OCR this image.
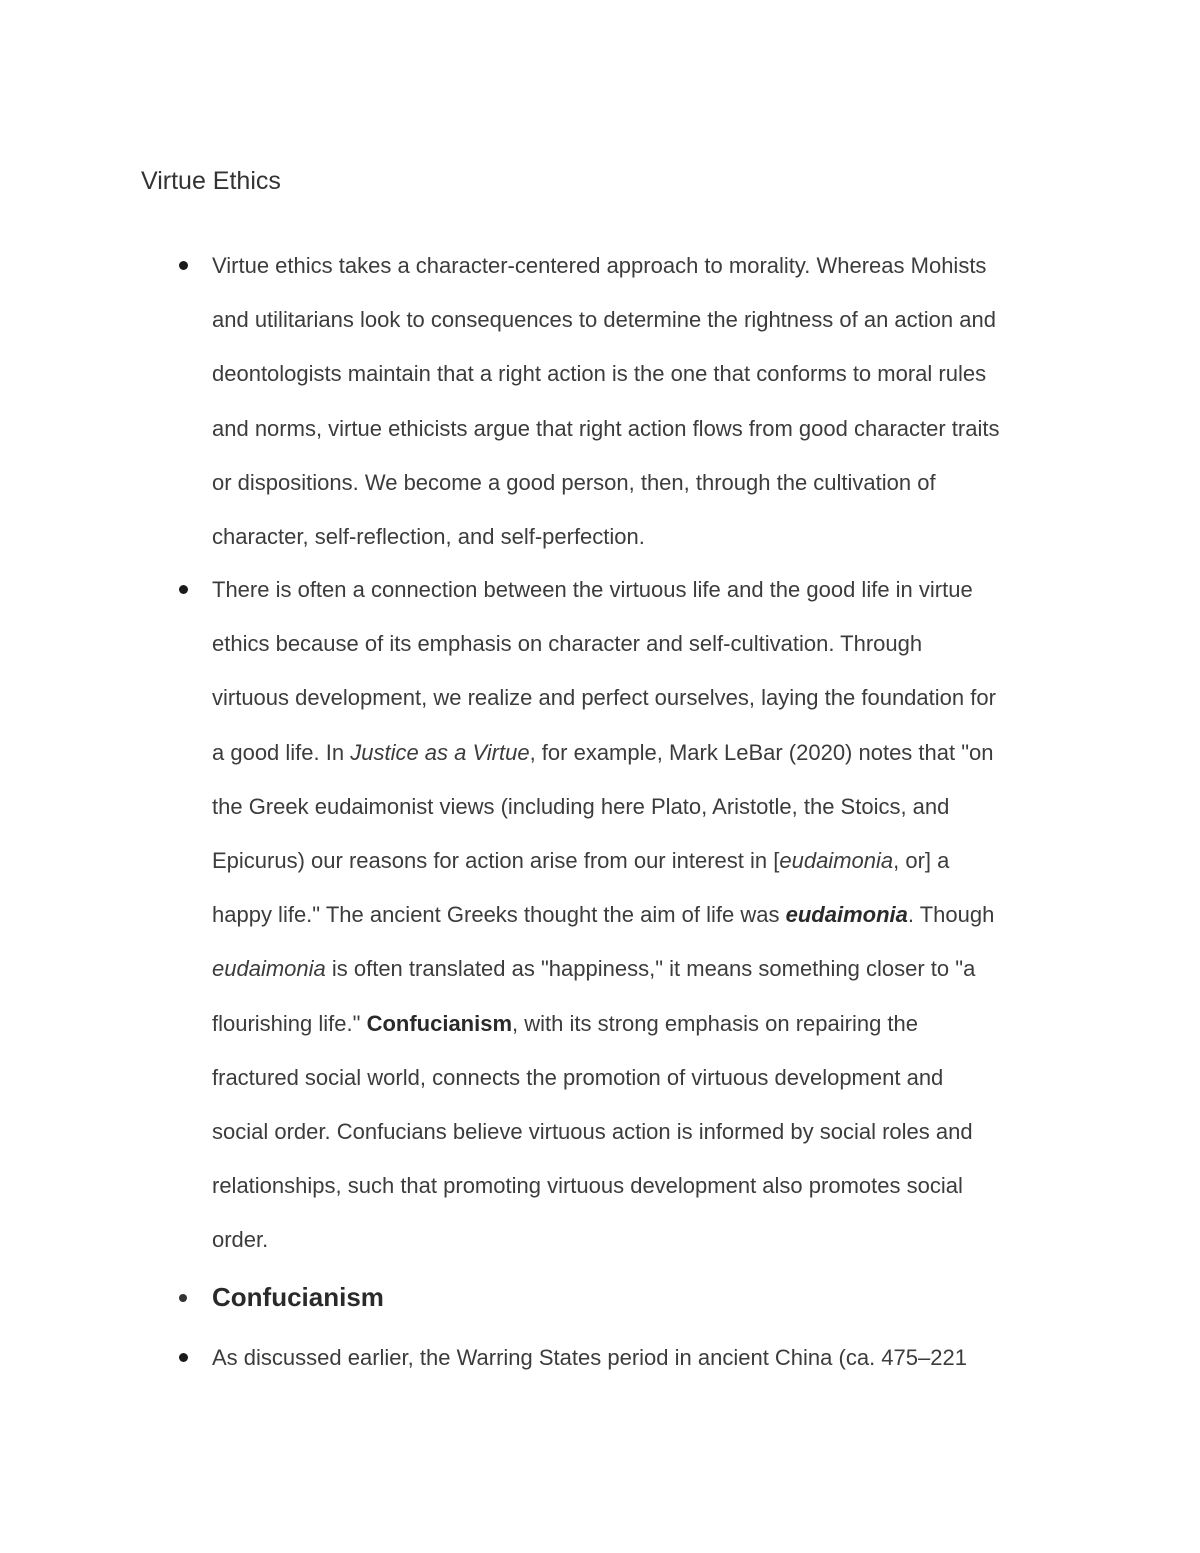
Virtue Ethics
Virtue ethics takes a character-centered approach to morality. Whereas Mohists
and utilitarians look to consequences to determine the rightness of an action and
deontologists maintain that a right action is the one that conforms to moral rules
and norms, virtue ethicists argue that right action flows from good character traits
or dispositions. We become a good person, then, through the cultivation of
character, self-reflection, and self-perfection.
There is often a connection between the virtuous life and the good life in virtue
ethics because of its emphasis on character and self-cultivation. Through
virtuous development, we realize and perfect ourselves, laying the foundation for
a good life. In Justice as a Virtue, for example, Mark LeBar (2020) notes that "on
the Greek eudaimonist views (including here Plato, Aristotle, the Stoics, and
Epicurus) our reasons for action arise from our interest in [eudaimonia, or] a
happy life." The ancient Greeks thought the aim of life was eudaimonia. Though
eudaimonia is often translated as "happiness," it means something closer to "a
flourishing life." Confucianism, with its strong emphasis on repairing the
fractured social world, connects the promotion of virtuous development and
social order. Confucians believe virtuous action is informed by social roles and
relationships, such that promoting virtuous development also promotes social
order.
Confucianism
As discussed earlier, the Warring States period in ancient China (ca. 475–221
